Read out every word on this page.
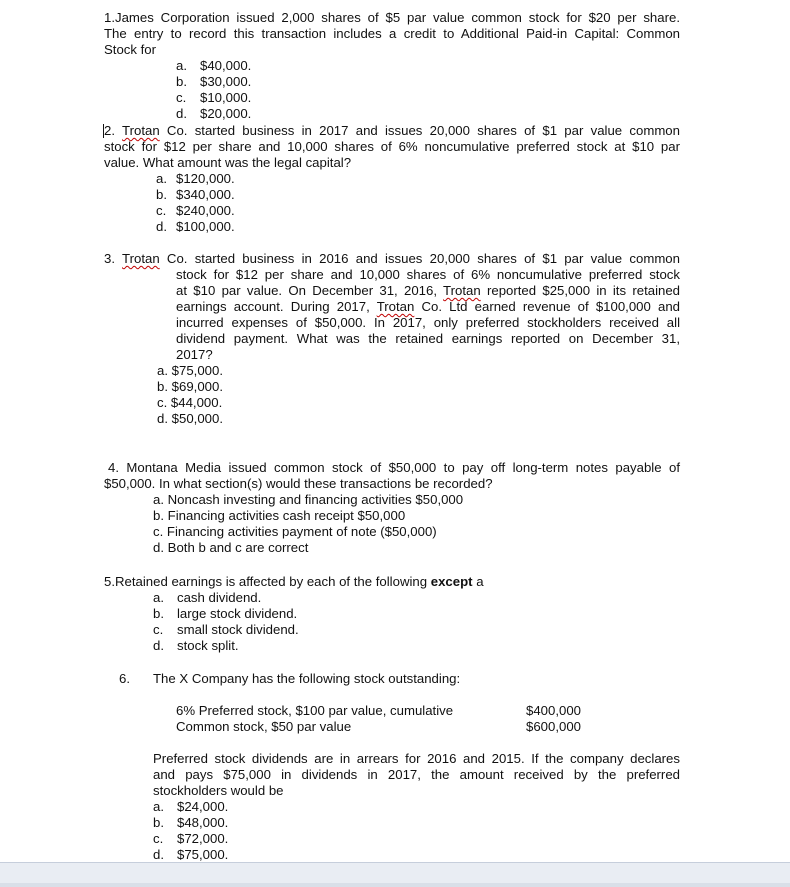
1.James Corporation issued 2,000 shares of $5 par value common stock for $20 per share.
The entry to record this transaction includes a credit to Additional Paid-in Capital: Common
Stock for
a. $40,000.
b. $30,000.
c. $10,000.
d. $20,000.
2. Trotan Co. started business in 2017 and issues 20,000 shares of $1 par value common
stock for $12 per share and 10,000 shares of 6% noncumulative preferred stock at $10 par
value. What amount was the legal capital?
a. $120,000.
b. $340,000.
c. $240,000.
d. $100,000.
3. Trotan Co. started business in 2016 and issues 20,000 shares of $1 par value common
stock for $12 per share and 10,000 shares of 6% noncumulative preferred stock
at $10 par value. On December 31, 2016, Trotan reported $25,000 in its retained
earnings account. During 2017, Trotan Co. Ltd earned revenue of $100,000 and
incurred expenses of $50,000. In 2017, only preferred stockholders received all
dividend payment. What was the retained earnings reported on December 31,
2017?
a. $75,000.
b. $69,000.
c. $44,000.
d. $50,000.
4. Montana Media issued common stock of $50,000 to pay off long-term notes payable of
$50,000. In what section(s) would these transactions be recorded?
a. Noncash investing and financing activities $50,000
b. Financing activities cash receipt $50,000
c. Financing activities payment of note ($50,000)
d. Both b and c are correct
5.Retained earnings is affected by each of the following except a
a. cash dividend.
b. large stock dividend.
c. small stock dividend.
d. stock split.
6. The X Company has the following stock outstanding:
6% Preferred stock, $100 par value, cumulative	$400,000
Common stock, $50 par value	$600,000
Preferred stock dividends are in arrears for 2016 and 2015. If the company declares
and pays $75,000 in dividends in 2017, the amount received by the preferred
stockholders would be
a. $24,000.
b. $48,000.
c. $72,000.
d. $75,000.
